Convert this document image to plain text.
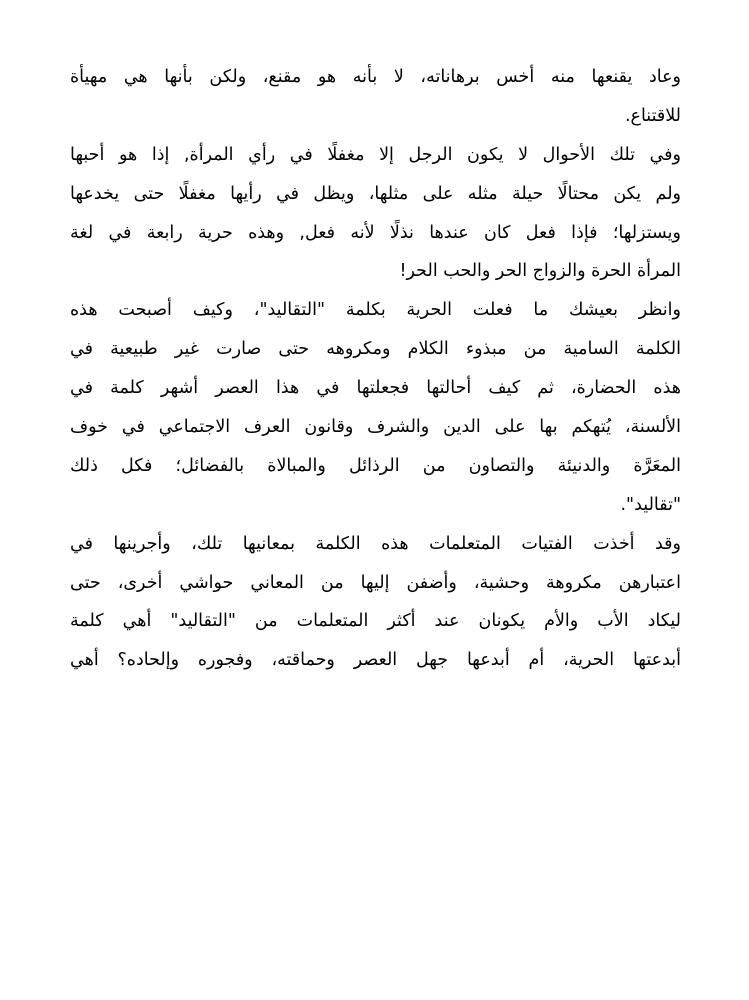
وعاد يقنعها منه أخس برهاناته، لا بأنه هو مقنع، ولكن بأنها هي مهيأة
للاقتناع.
وفي تلك الأحوال لا يكون الرجل إلا مغفلًا في رأي المرأة, إذا هو أحبها
ولم يكن محتالًا حيلة مثله على مثلها، ويظل في رأيها مغفلًا حتى يخدعها
ويستزلها؛ فإذا فعل كان عندها نذلًا لأنه فعل, وهذه حرية رابعة في لغة
المرأة الحرة والزواج الحر والحب الحر!
وانظر بعيشك ما فعلت الحرية بكلمة "التقاليد"، وكيف أصبحت هذه
الكلمة السامية من مبذوء الكلام ومكروهه حتى صارت غير طبيعية في
هذه الحضارة، ثم كيف أحالتها فجعلتها في هذا العصر أشهر كلمة في
الألسنة، يُتهكم بها على الدين والشرف وقانون العرف الاجتماعي في خوف
المعَرَّة والدنيئة والتصاون من الرذائل والمبالاة بالفضائل؛ فكل ذلك
"تقاليد".
وقد أخذت الفتيات المتعلمات هذه الكلمة بمعانيها تلك، وأجرينها في
اعتبارهن مكروهة وحشية، وأضفن إليها من المعاني حواشي أخرى، حتى
ليكاد الأب والأم يكونان عند أكثر المتعلمات من "التقاليد" أهي كلمة
أبدعتها الحرية، أم أبدعها جهل العصر وحماقته، وفجوره وإلحاده؟ أهي
